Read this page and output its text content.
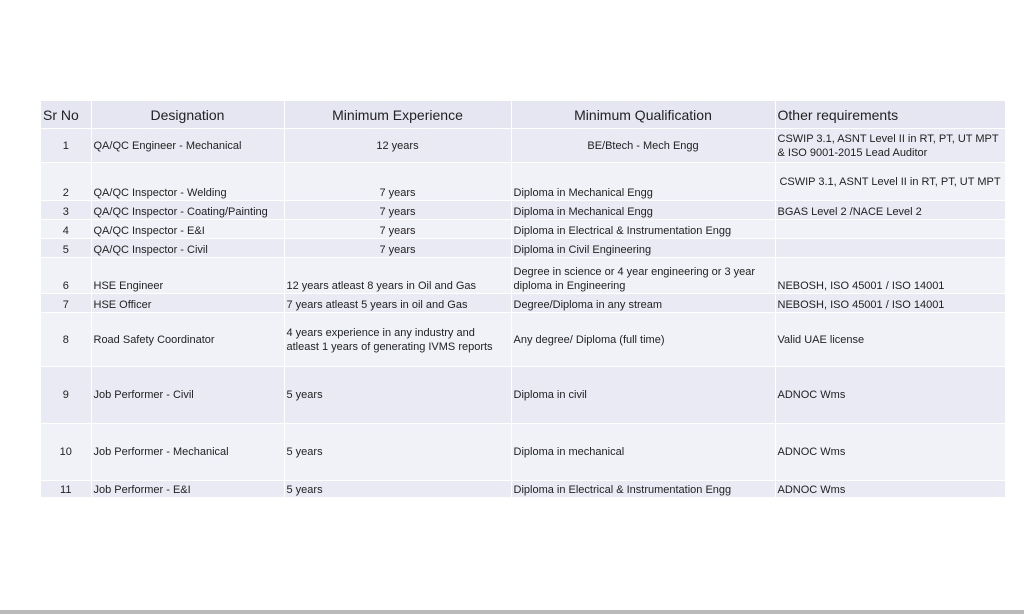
Sr No	Designation	Minimum Experience	Minimum Qualification	Other requirements
1	QA/QC Engineer - Mechanical	12 years	BE/Btech - Mech Engg	CSWIP 3.1, ASNT Level II in RT, PT, UT MPT & ISO 9001-2015 Lead Auditor
2	QA/QC Inspector - Welding	7 years	Diploma in Mechanical Engg	CSWIP 3.1, ASNT Level II in RT, PT, UT MPT
3	QA/QC Inspector - Coating/Painting	7 years	Diploma in Mechanical Engg	BGAS Level 2 /NACE Level 2
4	QA/QC Inspector - E&I	7 years	Diploma in Electrical & Instrumentation Engg	
5	QA/QC Inspector - Civil	7 years	Diploma in Civil Engineering	
6	HSE Engineer	12 years atleast 8 years in Oil and Gas	Degree in science or 4 year engineering or 3 year diploma in Engineering	NEBOSH, ISO 45001 / ISO 14001
7	HSE Officer	7 years atleast 5 years in oil and Gas	Degree/Diploma in any stream	NEBOSH, ISO 45001 / ISO 14001
8	Road Safety Coordinator	4 years experience in any industry and atleast 1 years of generating IVMS reports	Any degree/ Diploma (full time)	Valid UAE license
9	Job Performer - Civil	5 years	Diploma in civil	ADNOC Wms
10	Job Performer - Mechanical	5 years	Diploma in mechanical	ADNOC Wms
11	Job Performer - E&I	5 years	Diploma in Electrical & Instrumentation Engg	ADNOC Wms
